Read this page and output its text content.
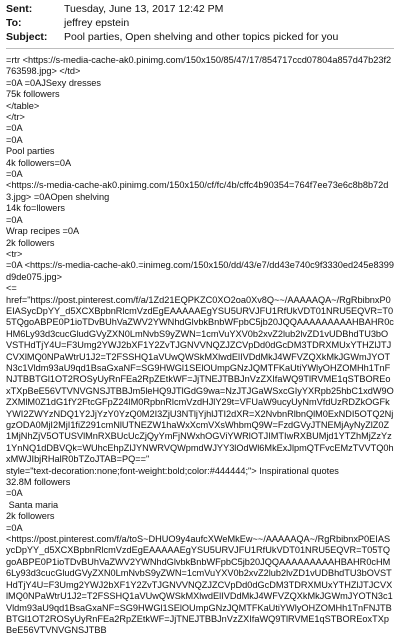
Sent:	Tuesday, June 13, 2017 12:42 PM
To:	jeffrey epstein
Subject:	Pool parties, Open shelving and other topics picked for you
=rtr <https://s-media-cache-ak0.pinimg.com/150x150/85/47/17/854717ccd07804a857d47b23f2763598.jpg> </td>
=0A =0AJSexy dresses
75k followers
</table>
</tr>
=0A
=0A
Pool parties
4k followers=0A
=0A
<https://s-media-cache-ak0.pinimg.com/150x150/cf/fc/4b/cffc4b90354=764f7ee73e6c8b8b72d3.jpg> =0AOpen shelving
14k fo=llowers
=0A
Wrap recipes =0A
2k followers
<tr>
=0A <https://s-media-cache-ak0.=inimeg.com/150x150/dd/43/e7/dd43e740c9f3330ed245e8399d9de075.jpg>
<=
href="https://post.pinterest.com/f/a/1Zd21EQPKZC0XO2oa0Xv8Q~~/AAAAAQA~/RgRbibnxP0EIASycDpYY_d5XCXBpbnRlcmVzdEgEAAAAAEgYSU5URVJFU1RfUkVDT01NRU5EQVR=T05TQgoABPE0P1ioTDvBUhVaZWV2YWNhdGlvbkBnbWFpbC5jb20JQQAAAAAAAAAHBAHR0cHM6Ly93d3cucGludGVyZXN0LmNvbS9yZWN=1cmVuYXV0b2xvZ2lub2lvZD1vUDBhdTU3bOVSTHdTjY4U=F3Umg2YWJ2bXF1Y2ZvTJGNVVNQZJZCVpDd0dGcDM3TDRXMUxYTHZlJTJCVXlMQ0NPaWtrU1J2=T2FSSHQ1aVUwQWSkMXlwdElIVDdMkJ4WFVZQXkMkJGWmJYOTN3c1Vldm93aU9qd1BsaGxaNF=SG9HWGl1SElOUmpGNzJQMTFKaUtiYWlyOHZOMHh1TnFNJTBBTGl1OT2ROSyUyRnFEa2RpZEtkWF=JjTNEJTBBJnVzZXIfaWQ9TlRVME1qSTBOREoxTXpBeE56VTVNVGNSJTBBJm5leHQ9JTlGdG9wa=NzJTJGaWSxcGIyYXRpb25hbC1xdW9OZXMlM0Z1dG1fY2FtcGFpZ24lM0RpbnRlcmVzdHJlY29t=VFUaW9ucyUyNmVfdUzRDZkOGFkYWI2ZWYzNDQ1Y2JjYzY0YzQ0M2I3ZjU3NTljYjhlJTI2dXR=X2NvbnRlbnQlM0ExNDI5OTQ2NjgzODA0MjI2MjI1fiZ291cmNlUTNEZW1haWxXcmVXsWhbmQ9W=FzdGVyJTNEMjAyNyZlZ0Z1MjNhZjV5OTUSVlMnRXBUcUcZjQyYmFjNWxhOGViYWRlOTJIMTIwRXBUMjd1YTZhMjZzYz1YnNQ1dDBVQk=WUhcEhpZlJYNWRVQWpmdWJYY3lOdWl6MkExJlpmQTFvcEMzTVVTQ0hxMWJIbjRHalR0bTZoJTAB=PQ=="
style="text-decoration:none;font-weight:bold;color:#444444;"> Inspirational quotes
32.8M followers
=0A
Santa maria
2k followers
=0A
<https://post.pinterest.com/f/a/toS~DHUO9y4aufcXWeMkEw~~/AAAAAQA~/RgRbibnxP0EIASycDpYY_d5XCXBpbnRlcmVzdEgEAAAAAEgYSU5URVJFU1RfUkVDT01NRU5EQVR=T05TQgoABPE0P1ioTDvBUhVaZWV2YWNhdGlvbkBnbWFpbC5jb20JQQAAAAAAAAAHBAHR0cHM6Ly93d3cucGludGVyZXN0LmNvbS9yZWN=1cmVuYXV0b2xvZ2lub2lvZD1vUDBhdTU3bOVSTHdTjY4U=F3Umg2YWJ2bXF1Y2ZvTJGNVVNQZJZCVpDd0dGcDM3TDRXMUxYTHZlJTJCVXlMQ0NPaWtrU1J2=T2FSSHQ1aVUwQWSkMXlwdElIVDdMkJ4WFVZQXkMkJGWmJYOTN3c1Vldm93aU9qd1BsaGxaNF=SG9HWGl1SElOUmpGNzJQMTFKaUtiYWlyOHZOMHh1TnFNJTBBTGl1OT2ROSyUyRnFEa2RpZEtkWF=JjTNEJTBBJnVzZXIfaWQ9TlRVME1qSTBOREoxTXpBeE56VTVNVGNSJTBB
